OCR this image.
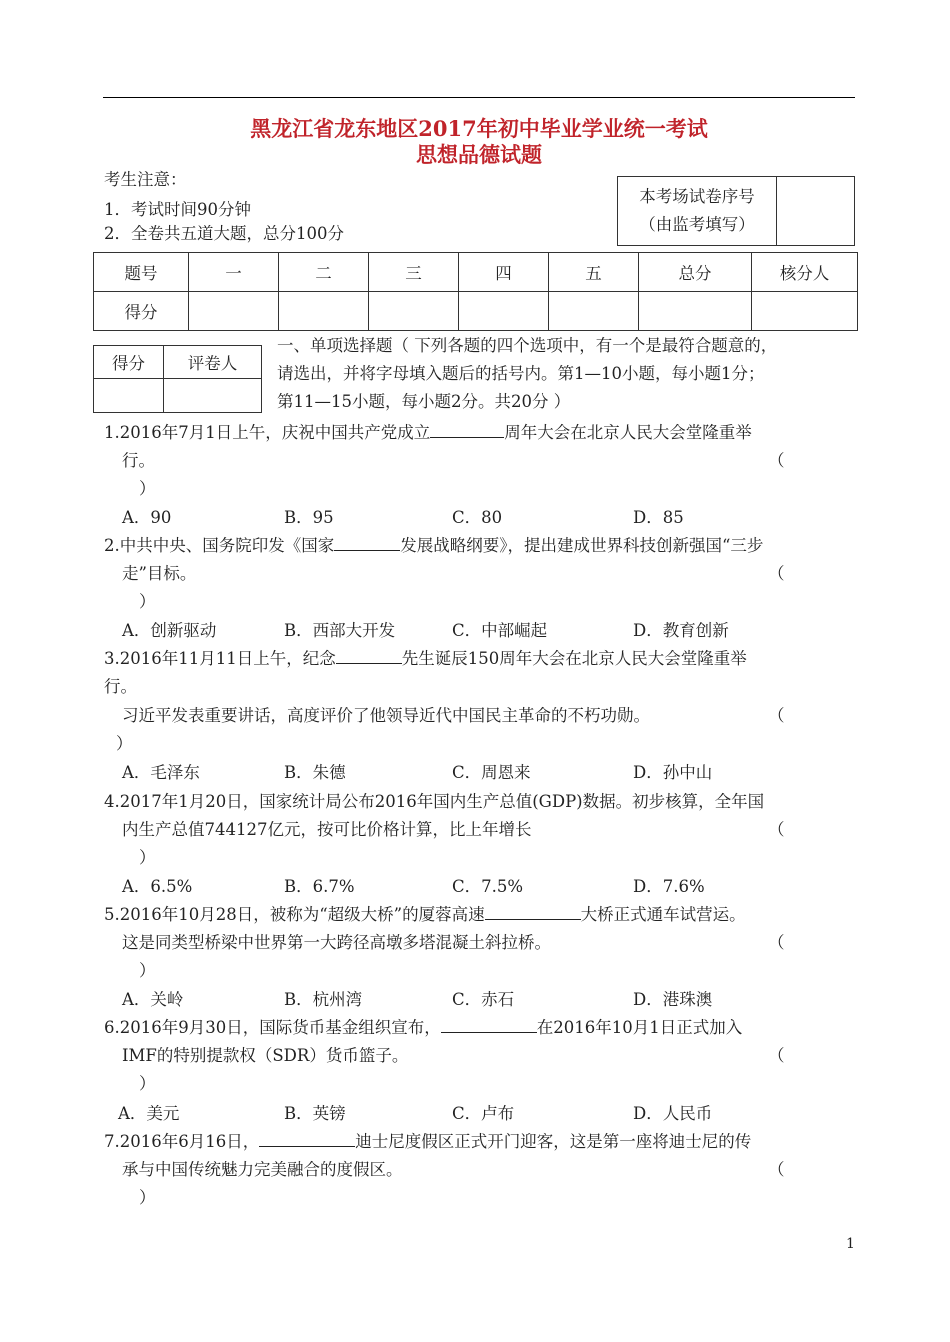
黑龙江省龙东地区2017年初中毕业学业统一考试
思想品德试题
考生注意：
1．考试时间90分钟
2．全卷共五道大题，总分100分
本考场试卷序号
（由监考填写）

题号	一	二	三	四	五	总分	核分人
得分							
得分	评卷人

一、单项选择题（ 下列各题的四个选项中，有一个是最符合题意的，
请选出，并将字母填入题后的括号内。第1—10小题，每小题1分；
第11—15小题，每小题2分。共20分 ）
1.2016年7月1日上午，庆祝中国共产党成立	周年大会在北京人民大会堂隆重举
行。	（
）
A．90	B．95	C．80	D．85
2.中共中央、国务院印发《国家	发展战略纲要》，提出建成世界科技创新强国“三步
走”目标。	（
）
A．创新驱动	B．西部大开发	C．中部崛起	D．教育创新
3.2016年11月11日上午，纪念	先生诞辰150周年大会在北京人民大会堂隆重举
行。
习近平发表重要讲话，高度评价了他领导近代中国民主革命的不朽功勋。	（
）
A．毛泽东	B．朱德	C．周恩来	D．孙中山
4.2017年1月20日，国家统计局公布2016年国内生产总值(GDP)数据。初步核算，全年国
内生产总值744127亿元，按可比价格计算，比上年增长	（
）
A．6.5%	B．6.7%	C．7.5%	D．7.6%
5.2016年10月28日，被称为“超级大桥”的厦蓉高速	大桥正式通车试营运。
这是同类型桥梁中世界第一大跨径高墩多塔混凝土斜拉桥。	（
）
A．关岭	B．杭州湾	C．赤石	D．港珠澳
6.2016年9月30日，国际货币基金组织宣布，	在2016年10月1日正式加入
IMF的特别提款权（SDR）货币篮子。	（
）
A．美元	B．英镑	C．卢布	D．人民币
7.2016年6月16日，	迪士尼度假区正式开门迎客，这是第一座将迪士尼的传
承与中国传统魅力完美融合的度假区。	（
）
1
